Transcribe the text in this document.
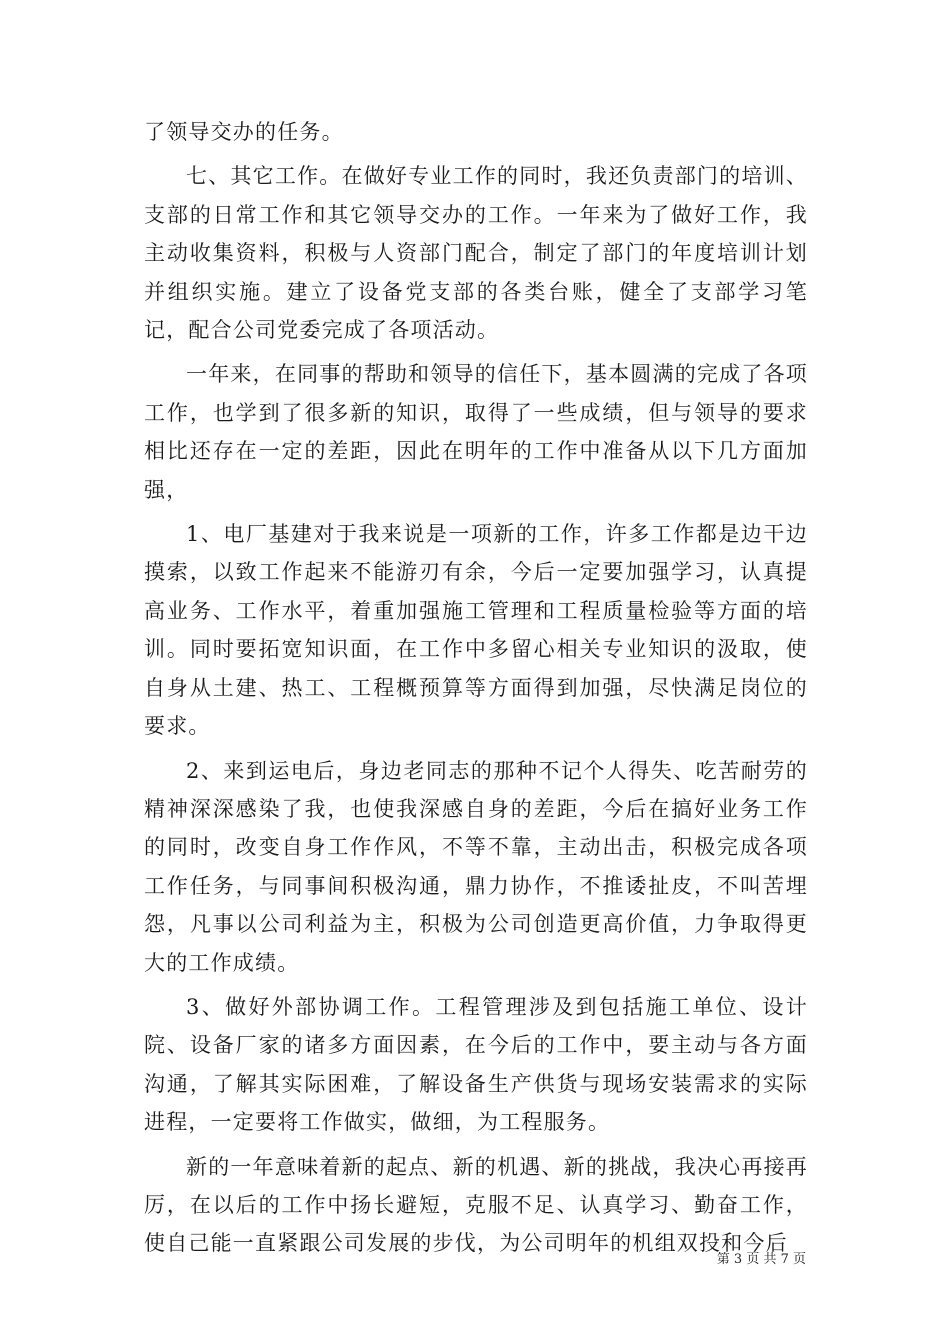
了领导交办的任务。

七、其它工作。在做好专业工作的同时，我还负责部门的培训、支部的日常工作和其它领导交办的工作。一年来为了做好工作，我主动收集资料，积极与人资部门配合，制定了部门的年度培训计划并组织实施。建立了设备党支部的各类台账，健全了支部学习笔记，配合公司党委完成了各项活动。

一年来，在同事的帮助和领导的信任下，基本圆满的完成了各项工作，也学到了很多新的知识，取得了一些成绩，但与领导的要求相比还存在一定的差距，因此在明年的工作中准备从以下几方面加强，

1、电厂基建对于我来说是一项新的工作，许多工作都是边干边摸索，以致工作起来不能游刃有余，今后一定要加强学习，认真提高业务、工作水平，着重加强施工管理和工程质量检验等方面的培训。同时要拓宽知识面，在工作中多留心相关专业知识的汲取，使自身从土建、热工、工程概预算等方面得到加强，尽快满足岗位的要求。

2、来到运电后，身边老同志的那种不记个人得失、吃苦耐劳的精神深深感染了我，也使我深感自身的差距，今后在搞好业务工作的同时，改变自身工作作风，不等不靠，主动出击，积极完成各项工作任务，与同事间积极沟通，鼎力协作，不推诿扯皮，不叫苦埋怨，凡事以公司利益为主，积极为公司创造更高价值，力争取得更大的工作成绩。

3、做好外部协调工作。工程管理涉及到包括施工单位、设计院、设备厂家的诸多方面因素，在今后的工作中，要主动与各方面沟通，了解其实际困难，了解设备生产供货与现场安装需求的实际进程，一定要将工作做实，做细，为工程服务。

新的一年意味着新的起点、新的机遇、新的挑战，我决心再接再厉，在以后的工作中扬长避短，克服不足、认真学习、勤奋工作，使自己能一直紧跟公司发展的步伐，为公司明年的机组双投和今后

第 3 页 共 7 页
